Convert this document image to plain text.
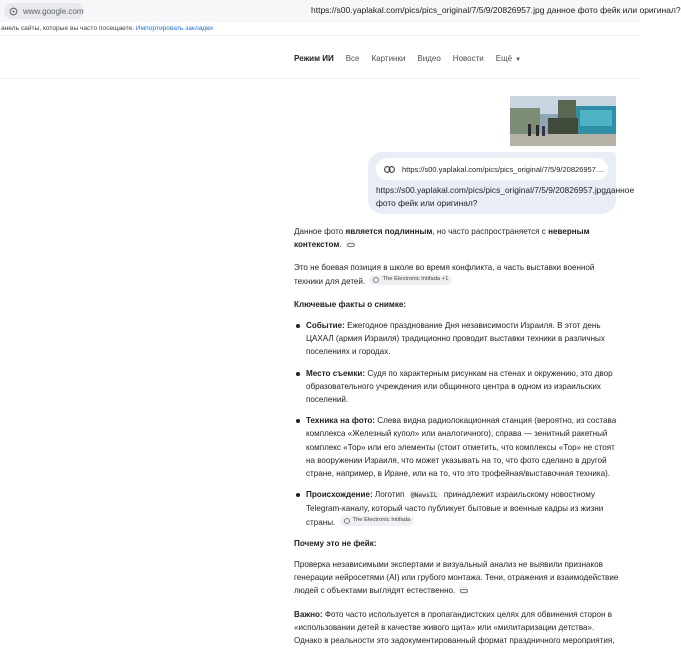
www.google.com	https://s00.yaplakal.com/pics/pics_original/7/5/9/20826957.jpg данное фото фейк или оригинал?
анель сайты, которые вы часто посещаете. Импортировать закладки
Режим ИИ Все Картинки Видео Новости Ещё ▼
https://s00.yaplakal.com/pics/pics_original/7/5/9/20826957....
https://s00.yaplakal.com/pics/pics_original/7/5/9/20826957.jpgданное фото фейк или оригинал?

Данное фото является подлинным, но часто распространяется с неверным контекстом.

Это не боевая позиция в школе во время конфликта, а часть выставки военной техники для детей.	The Electronic Intifada +1

Ключевые факты о снимке:
Событие: Ежегодное празднование Дня независимости Израиля. В этот день ЦАХАЛ (армия Израиля) традиционно проводит выставки техники в различных поселениях и городах.
Место съемки: Судя по характерным рисункам на стенах и окружению, это двор образовательного учреждения или общинного центра в одном из израильских поселений.
Техника на фото: Слева видна радиолокационная станция (вероятно, из состава комплекса «Железный купол» или аналогичного), справа — зенитный ракетный комплекс «Тор» или его элементы (стоит отметить, что комплексы «Тор» не стоят на вооружении Израиля, что может указывать на то, что фото сделано в другой стране, например, в Иране, или на то, что это трофейная/выставочная техника).
Происхождение: Логотип @NewsIL принадлежит израильскому новостному Telegram-каналу, который часто публикует бытовые и военные кадры из жизни страны.	The Electronic Intifada
Почему это не фейк:

Проверка независимыми экспертами и визуальный анализ не выявили признаков генерации нейросетями (AI) или грубого монтажа. Тени, отражения и взаимодействие людей с объектами выглядят естественно.

Важно: Фото часто используется в пропагандистских целях для обвинения сторон в «использовании детей в качестве живого щита» или «милитаризации детства». Однако в реальности это задокументированный формат праздничного мероприятия,
